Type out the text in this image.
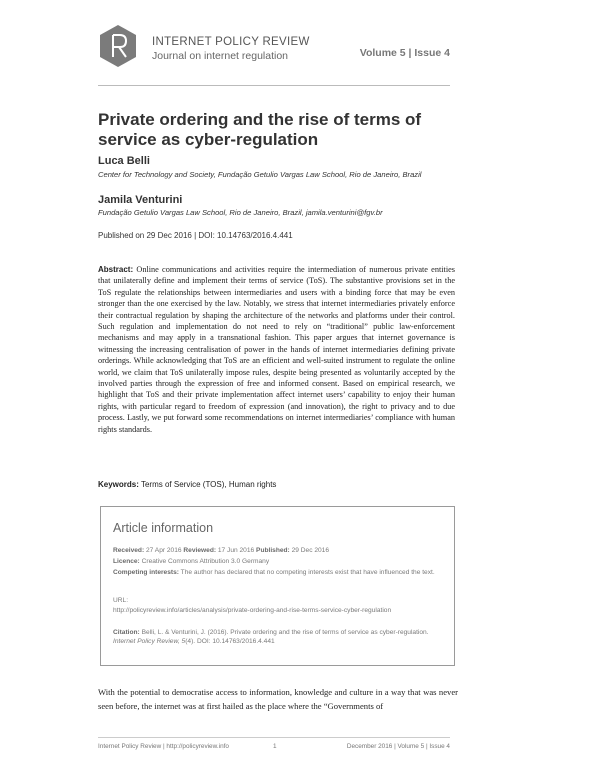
INTERNET POLICY REVIEW
Journal on internet regulation	Volume 5 | Issue 4
Private ordering and the rise of terms of service as cyber-regulation
Luca Belli
Center for Technology and Society, Fundação Getulio Vargas Law School, Rio de Janeiro, Brazil
Jamila Venturini
Fundação Getulio Vargas Law School, Rio de Janeiro, Brazil, jamila.venturini@fgv.br
Published on 29 Dec 2016 | DOI: 10.14763/2016.4.441
Abstract: Online communications and activities require the intermediation of numerous private entities that unilaterally define and implement their terms of service (ToS). The substantive provisions set in the ToS regulate the relationships between intermediaries and users with a binding force that may be even stronger than the one exercised by the law. Notably, we stress that internet intermediaries privately enforce their contractual regulation by shaping the architecture of the networks and platforms under their control. Such regulation and implementation do not need to rely on “traditional” public law-enforcement mechanisms and may apply in a transnational fashion. This paper argues that internet governance is witnessing the increasing centralisation of power in the hands of internet intermediaries defining private orderings. While acknowledging that ToS are an efficient and well-suited instrument to regulate the online world, we claim that ToS unilaterally impose rules, despite being presented as voluntarily accepted by the involved parties through the expression of free and informed consent. Based on empirical research, we highlight that ToS and their private implementation affect internet users’ capability to enjoy their human rights, with particular regard to freedom of expression (and innovation), the right to privacy and to due process. Lastly, we put forward some recommendations on internet intermediaries’ compliance with human rights standards.
Keywords: Terms of Service (TOS), Human rights
Article information
Received: 27 Apr 2016 Reviewed: 17 Jun 2016 Published: 29 Dec 2016
Licence: Creative Commons Attribution 3.0 Germany
Competing interests: The author has declared that no competing interests exist that have influenced the text.
URL:
http://policyreview.info/articles/analysis/private-ordering-and-rise-terms-service-cyber-regulation
Citation: Belli, L. & Venturini, J. (2016). Private ordering and the rise of terms of service as cyber-regulation. Internet Policy Review, 5(4). DOI: 10.14763/2016.4.441
With the potential to democratise access to information, knowledge and culture in a way that was never seen before, the internet was at first hailed as the place where the “Governments of
Internet Policy Review | http://policyreview.info	1	December 2016 | Volume 5 | Issue 4
